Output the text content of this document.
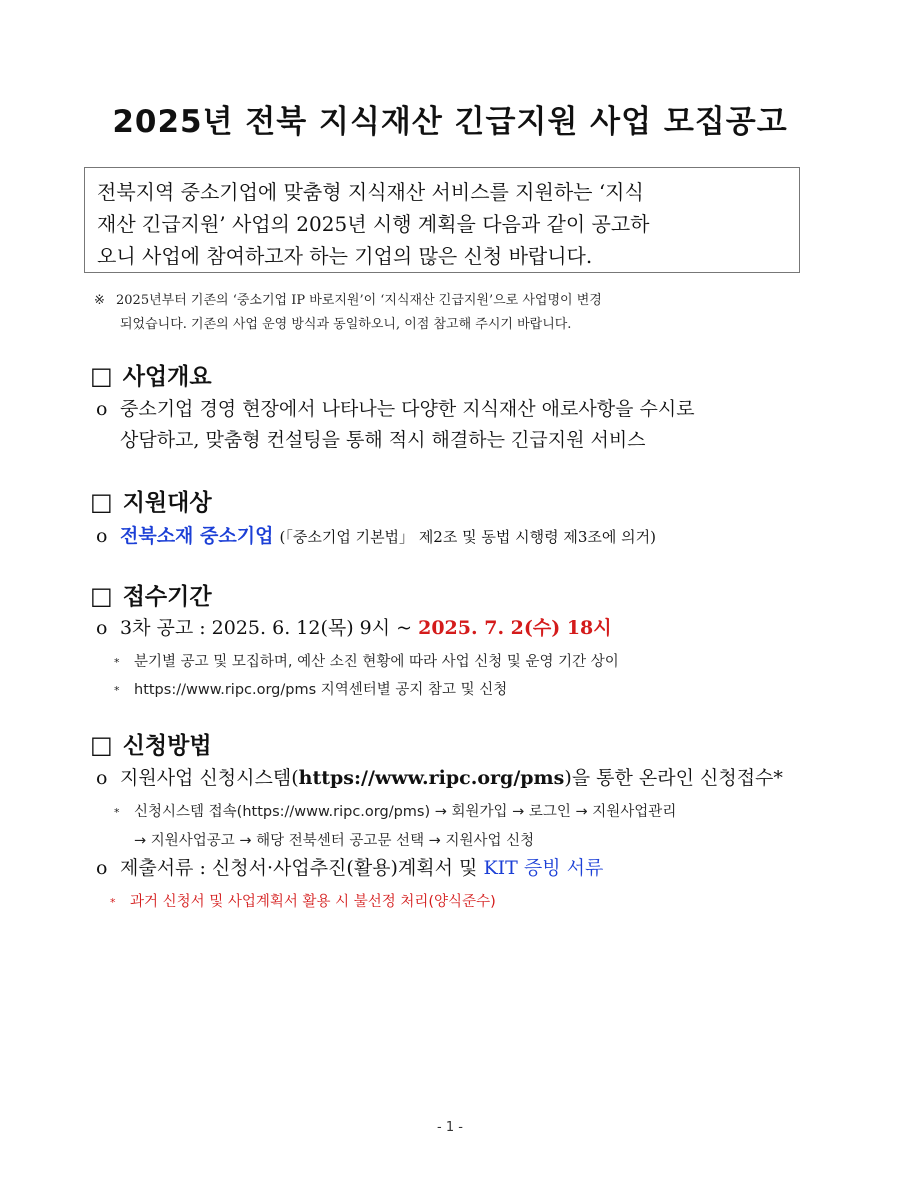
2025년 전북 지식재산 긴급지원 사업 모집공고
전북지역 중소기업에 맞춤형 지식재산 서비스를 지원하는 ‘지식
재산 긴급지원’ 사업의 2025년 시행 계획을 다음과 같이 공고하
오니 사업에 참여하고자 하는 기업의 많은 신청 바랍니다.
※ 2025년부터 기존의 ‘중소기업 IP 바로지원’이 ‘지식재산 긴급지원’으로 사업명이 변경
되었습니다. 기존의 사업 운영 방식과 동일하오니, 이점 참고해 주시기 바랍니다.
□ 사업개요
o 중소기업 경영 현장에서 나타나는 다양한 지식재산 애로사항을 수시로
상담하고, 맞춤형 컨설팅을 통해 적시 해결하는 긴급지원 서비스
□ 지원대상
o 전북소재 중소기업 (「중소기업 기본법」 제2조 및 동법 시행령 제3조에 의거)
□ 접수기간
o 3차 공고 : 2025. 6. 12(목) 9시 ~ 2025. 7. 2(수) 18시
* 분기별 공고 및 모집하며, 예산 소진 현황에 따라 사업 신청 및 운영 기간 상이
* https://www.ripc.org/pms 지역센터별 공지 참고 및 신청
□ 신청방법
o 지원사업 신청시스템(https://www.ripc.org/pms)을 통한 온라인 신청접수*
* 신청시스템 접속(https://www.ripc.org/pms) → 회원가입 → 로그인 → 지원사업관리
→ 지원사업공고 → 해당 전북센터 공고문 선택 → 지원사업 신청
o 제출서류 : 신청서·사업추진(활용)계획서 및 KIT 증빙 서류
* 과거 신청서 및 사업계획서 활용 시 불선정 처리(양식준수)
- 1 -
